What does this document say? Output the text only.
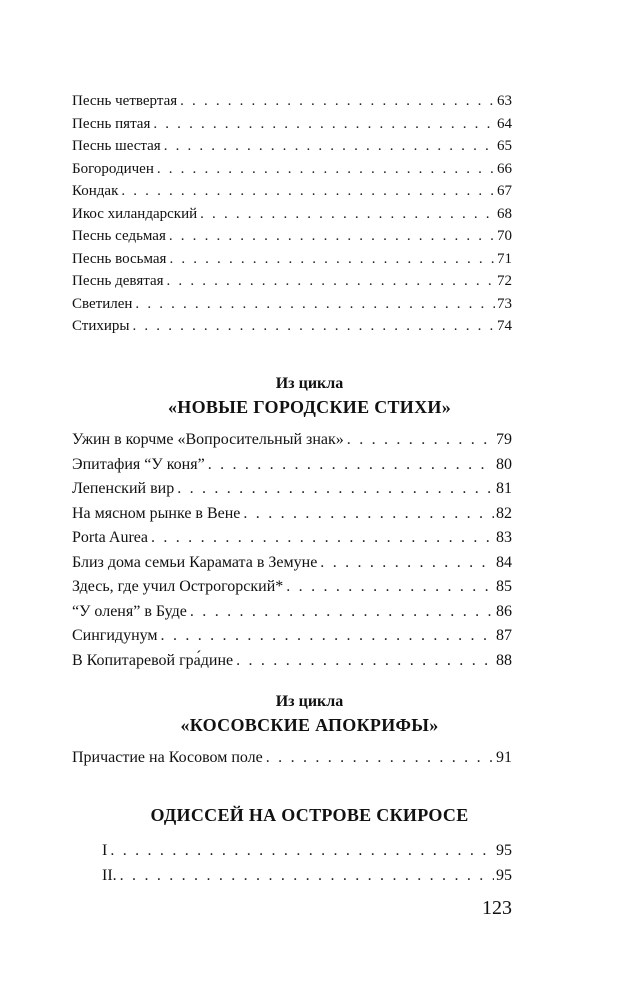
Песнь четвертая . . .	63
Песнь пятая . . .	64
Песнь шестая . . .	65
Богородичен . . .	66
Кондак . . .	67
Икос хиландарский . . .	68
Песнь седьмая . . .	70
Песнь восьмая . . .	71
Песнь девятая . . .	72
Светилен . . .	73
Стихиры . . .	74
Из цикла
«НОВЫЕ ГОРОДСКИЕ СТИХИ»
Ужин в корчме «Вопросительный знак» . . .	79
Эпитафия “У коня” . . .	80
Лепенский вир . . .	81
На мясном рынке в Вене . . .	82
Porta Aurea . . .	83
Близ дома семьи Карамата в Земуне . . .	84
Здесь, где учил Острогорский* . . .	85
“У оленя” в Буде . . .	86
Сингидунум . . .	87
В Копитаревой гра́дине . . .	88
Из цикла
«КОСОВСКИЕ АПОКРИФЫ»
Причастие на Косовом поле . . .	91
ОДИССЕЙ НА ОСТРОВЕ СКИРОСЕ
I . . .	95
II. . . .	95
123
